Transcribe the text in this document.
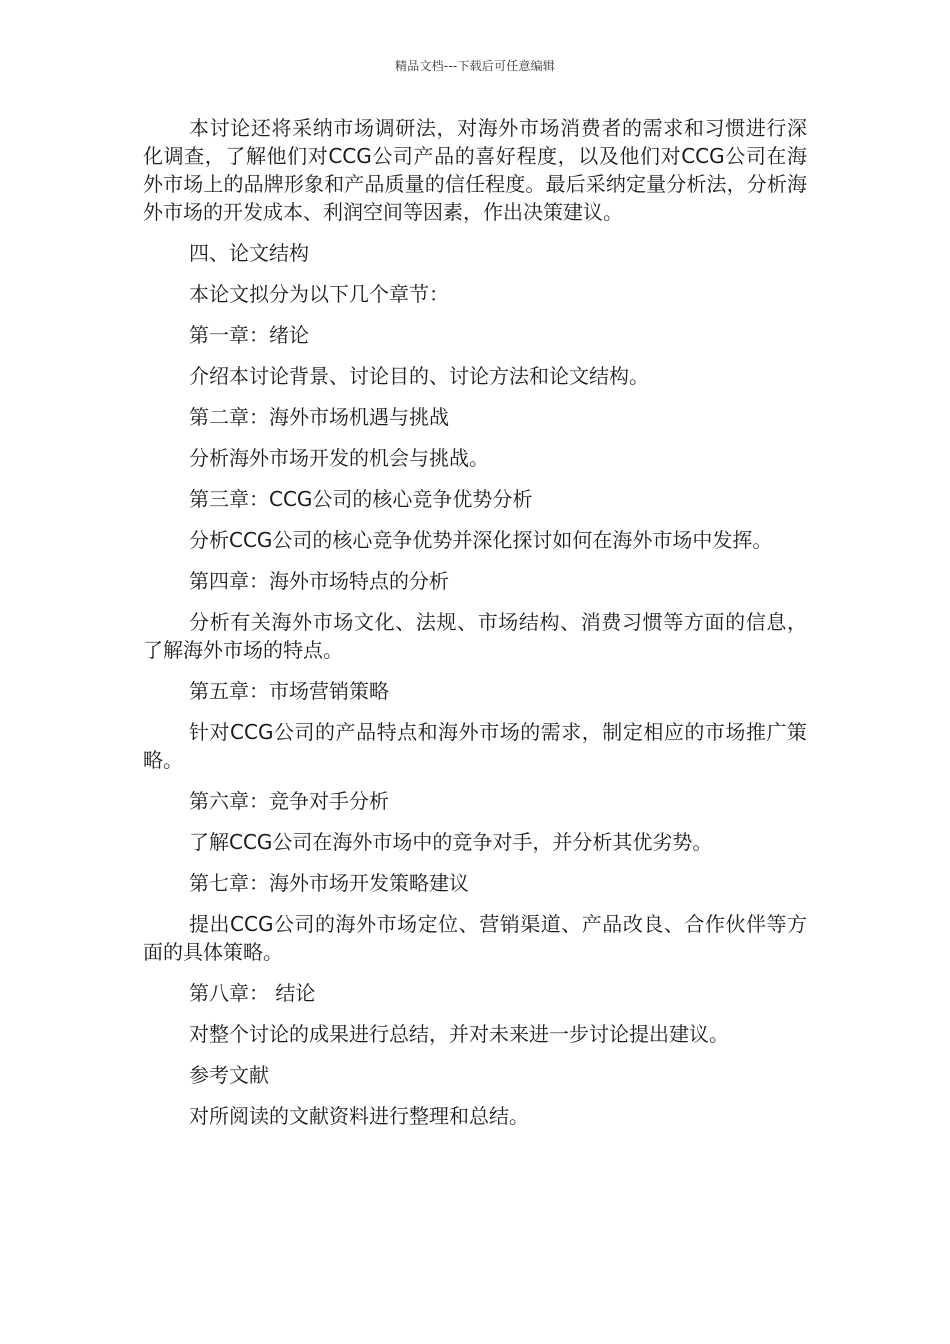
精品文档---下载后可任意编辑

本讨论还将采纳市场调研法，对海外市场消费者的需求和习惯进行深化调查，了解他们对CCG公司产品的喜好程度，以及他们对CCG公司在海外市场上的品牌形象和产品质量的信任程度。最后采纳定量分析法，分析海外市场的开发成本、利润空间等因素，作出决策建议。

四、论文结构

本论文拟分为以下几个章节：

第一章：绪论

介绍本讨论背景、讨论目的、讨论方法和论文结构。

第二章：海外市场机遇与挑战

分析海外市场开发的机会与挑战。

第三章：CCG公司的核心竞争优势分析

分析CCG公司的核心竞争优势并深化探讨如何在海外市场中发挥。

第四章：海外市场特点的分析

分析有关海外市场文化、法规、市场结构、消费习惯等方面的信息，了解海外市场的特点。

第五章：市场营销策略

针对CCG公司的产品特点和海外市场的需求，制定相应的市场推广策略。

第六章：竞争对手分析

了解CCG公司在海外市场中的竞争对手，并分析其优劣势。

第七章：海外市场开发策略建议

提出CCG公司的海外市场定位、营销渠道、产品改良、合作伙伴等方面的具体策略。

第八章： 结论

对整个讨论的成果进行总结，并对未来进一步讨论提出建议。

参考文献

对所阅读的文献资料进行整理和总结。
